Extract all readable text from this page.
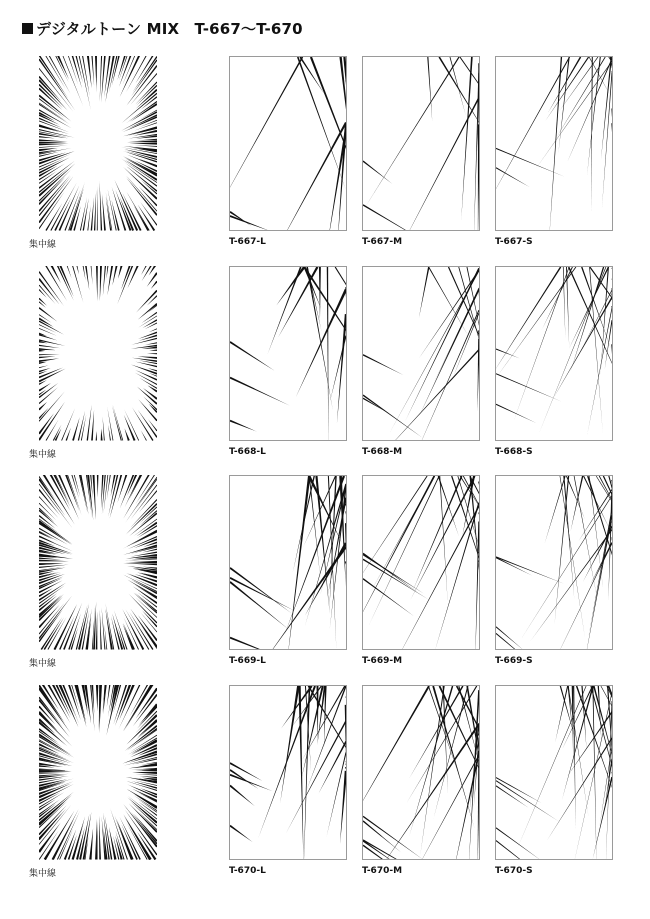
デジタルトーン MIX　T-667〜T-670
集中線	T-667-L	T-667-M	T-667-S
集中線	T-668-L	T-668-M	T-668-S
集中線	T-669-L	T-669-M	T-669-S
集中線	T-670-L	T-670-M	T-670-S
